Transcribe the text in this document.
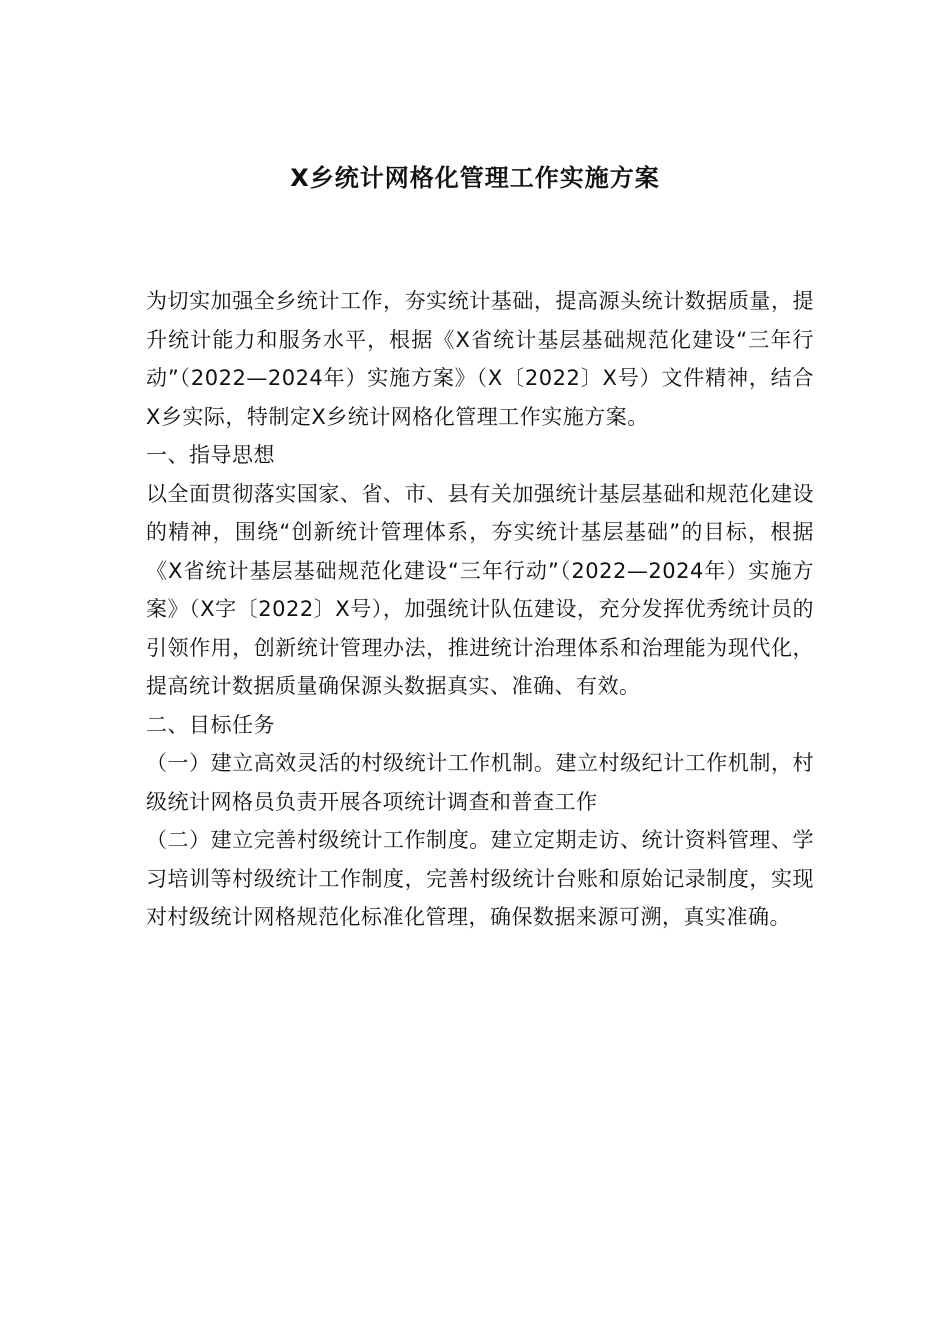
X乡统计网格化管理工作实施方案

为切实加强全乡统计工作，夯实统计基础，提高源头统计数据质量，提升统计能力和服务水平，根据《X省统计基层基础规范化建设“三年行动”（2022—2024年）实施方案》（X〔2022〕X号）文件精神，结合X乡实际，特制定X乡统计网格化管理工作实施方案。

一、指导思想

以全面贯彻落实国家、省、市、县有关加强统计基层基础和规范化建设的精神，围绕“创新统计管理体系，夯实统计基层基础”的目标，根据《X省统计基层基础规范化建设“三年行动”（2022—2024年）实施方案》（X字〔2022〕X号），加强统计队伍建设，充分发挥优秀统计员的引领作用，创新统计管理办法，推进统计治理体系和治理能为现代化，提高统计数据质量确保源头数据真实、准确、有效。

二、目标任务

（一）建立高效灵活的村级统计工作机制。建立村级纪计工作机制，村级统计网格员负责开展各项统计调查和普查工作

（二）建立完善村级统计工作制度。建立定期走访、统计资料管理、学习培训等村级统计工作制度，完善村级统计台账和原始记录制度，实现对村级统计网格规范化标准化管理，确保数据来源可溯，真实准确。
